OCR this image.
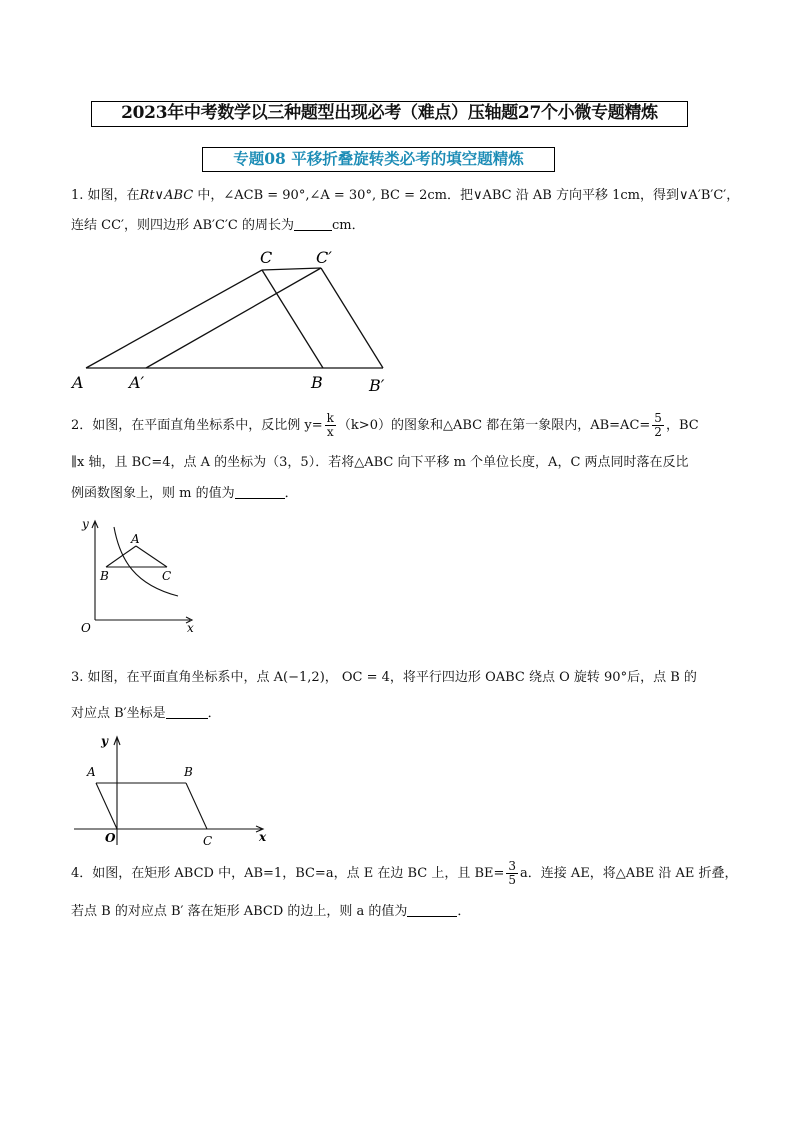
2023年中考数学以三种题型出现必考（难点）压轴题27个小微专题精炼
专题08 平移折叠旋转类必考的填空题精炼
1. 如图，在Rt∨ABC 中，∠ACB = 90°,∠A = 30°, BC = 2cm．把∨ABC 沿 AB 方向平移 1cm，得到∨A′B′C′，
连结 CC′，则四边形 AB′C′C 的周长为	cm．
C	C′
A	A′	B	B′
2．如图，在平面直角坐标系中，反比例 $y= \frac{k}{x} (k>0)$的图象和△ABC 都在第一象限内，$AB=AC= \frac{5}{2}$ ，BC
∥x 轴，且 BC=4，点 A 的坐标为（3，5）．若将△ABC 向下平移 m 个单位长度，A，C 两点同时落在反比
例函数图象上，则 m 的值为	．
y
x
O
A
B	C
3. 如图，在平面直角坐标系中，点 A(−1,2)， OC = 4，将平行四边形 OABC 绕点 O 旋转 90°后，点 B 的
对应点 B′坐标是	．
y
x
O
A	B
C
4．如图，在矩形 ABCD 中，AB=1，BC=a，点 E 在边 BC 上，且 $BE= \frac{3}{5}$ a．连接 AE，将△ABE 沿 AE 折叠，
若点 B 的对应点 B′ 落在矩形 ABCD 的边上，则 a 的值为	．
